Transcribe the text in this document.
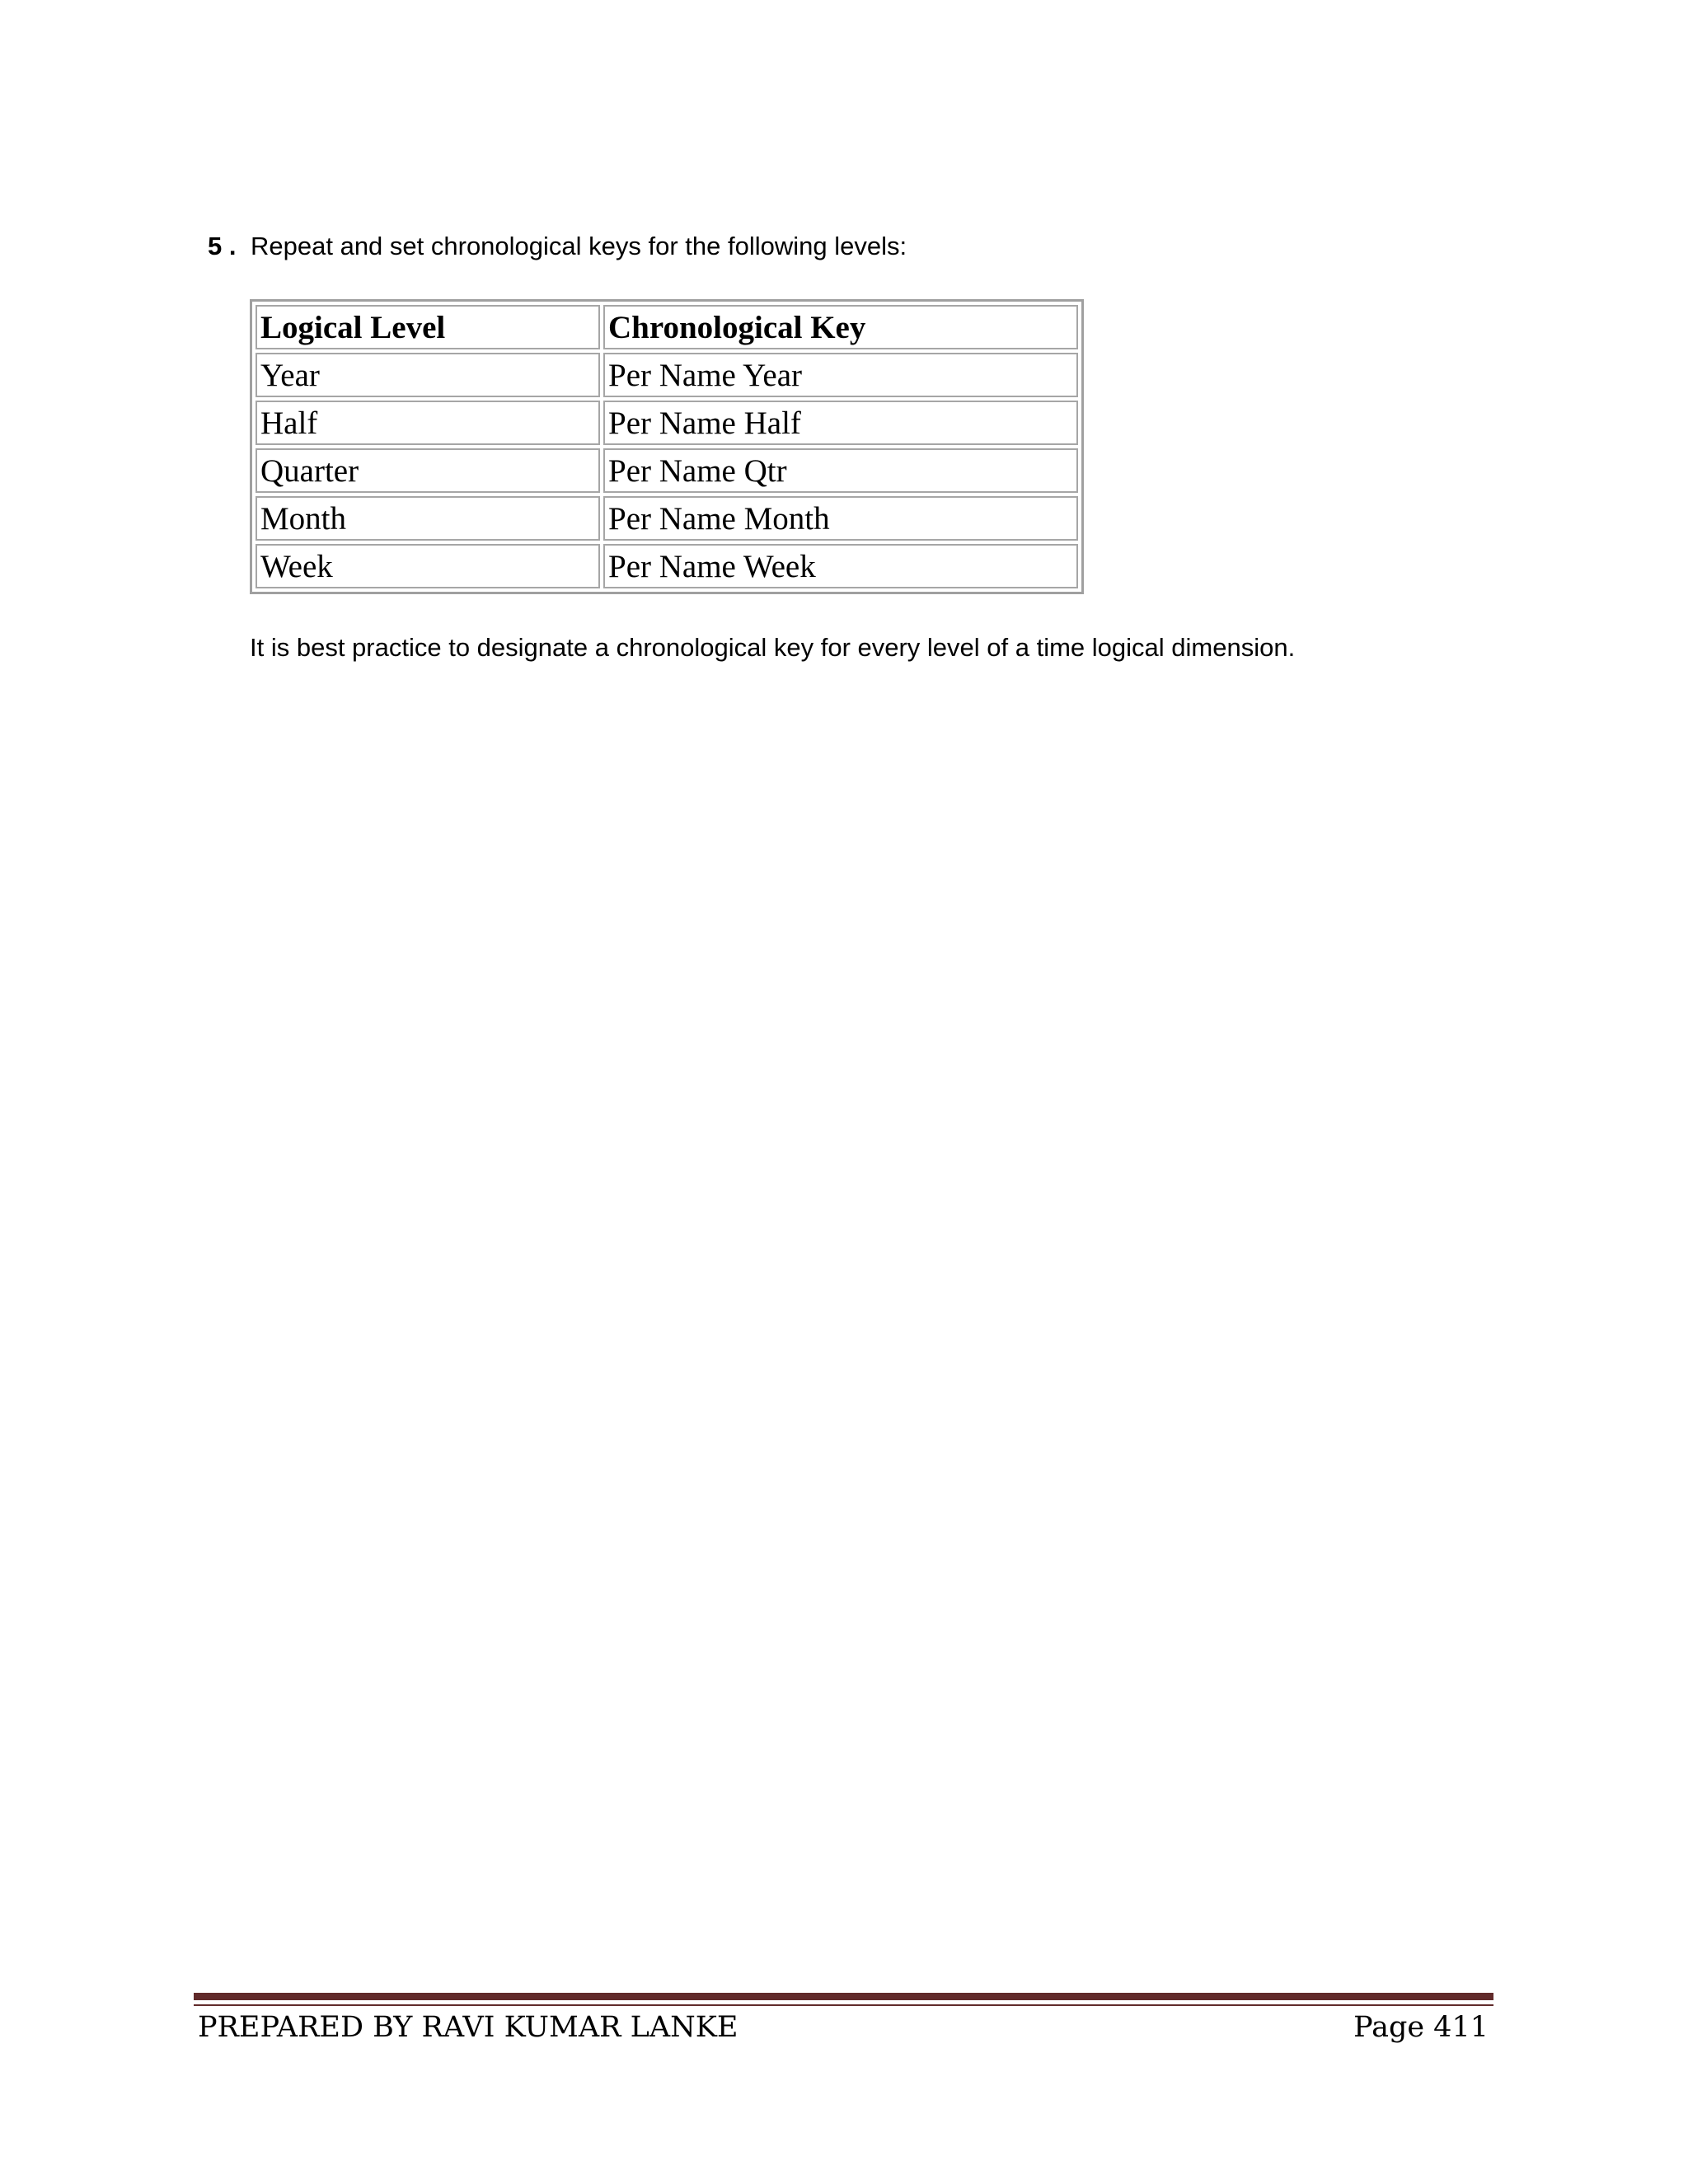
5 . Repeat and set chronological keys for the following levels:
Logical Level	Chronological Key
Year	Per Name Year
Half	Per Name Half
Quarter	Per Name Qtr
Month	Per Name Month
Week	Per Name Week
It is best practice to designate a chronological key for every level of a time logical dimension.
PREPARED BY RAVI KUMAR LANKE	Page 411
